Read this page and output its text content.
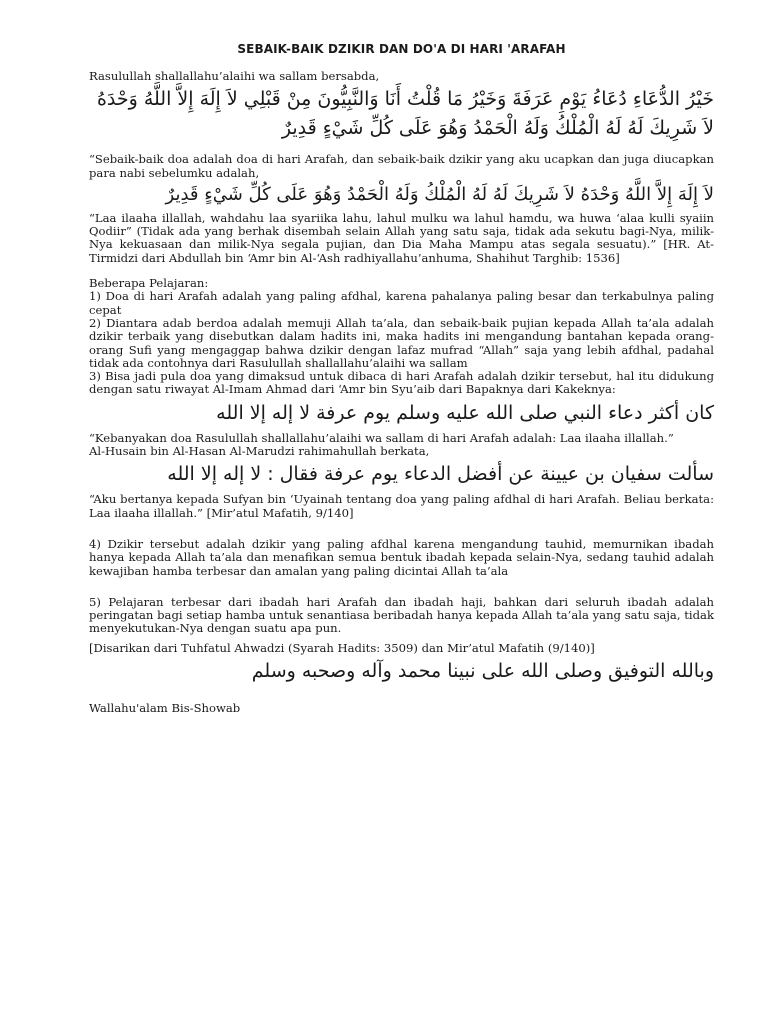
SEBAIK-BAIK DZIKIR DAN DO'A DI HARI 'ARAFAH

Rasulullah shallallahu’alaihi wa sallam bersabda,

خَيْرُ الدُّعَاءِ دُعَاءُ يَوْمِ عَرَفَةَ وَخَيْرُ مَا قُلْتُ أَنَا وَالنَّبِيُّونَ مِنْ قَبْلِي لاَ إِلَهَ إِلاَّ اللَّهُ وَحْدَهُ لاَ شَرِيكَ لَهُ لَهُ الْمُلْكُ وَلَهُ الْحَمْدُ وَهُوَ عَلَى كُلِّ شَيْءٍ قَدِيرٌ

“Sebaik-baik doa adalah doa di hari Arafah, dan sebaik-baik dzikir yang aku ucapkan dan juga diucapkan para nabi sebelumku adalah,

لاَ إِلَهَ إِلاَّ اللَّهُ وَحْدَهُ لاَ شَرِيكَ لَهُ لَهُ الْمُلْكُ وَلَهُ الْحَمْدُ وَهُوَ عَلَى كُلِّ شَيْءٍ قَدِيرٌ

“Laa ilaaha illallah, wahdahu laa syariika lahu, lahul mulku wa lahul hamdu, wa huwa ‘alaa kulli syaiin Qodiir” (Tidak ada yang berhak disembah selain Allah yang satu saja, tidak ada sekutu bagi-Nya, milik-Nya kekuasaan dan milik-Nya segala pujian, dan Dia Maha Mampu atas segala sesuatu).” [HR. At-Tirmidzi dari Abdullah bin ‘Amr bin Al-‘Ash radhiyallahu’anhuma, Shahihut Targhib: 1536]

Beberapa Pelajaran:

1) Doa di hari Arafah adalah yang paling afdhal, karena pahalanya paling besar dan terkabulnya paling cepat

2) Diantara adab berdoa adalah memuji Allah ta’ala, dan sebaik-baik pujian kepada Allah ta’ala adalah dzikir terbaik yang disebutkan dalam hadits ini, maka hadits ini mengandung bantahan kepada orang-orang Sufi yang mengaggap bahwa dzikir dengan lafaz mufrad “Allah” saja yang lebih afdhal, padahal tidak ada contohnya dari Rasulullah shallallahu’alaihi wa sallam

3) Bisa jadi pula doa yang dimaksud untuk dibaca di hari Arafah adalah dzikir tersebut, hal itu didukung dengan satu riwayat Al-Imam Ahmad dari ‘Amr bin Syu’aib dari Bapaknya dari Kakeknya:

كان أكثر دعاء النبي صلى الله عليه وسلم يوم عرفة لا إله إلا الله

“Kebanyakan doa Rasulullah shallallahu’alaihi wa sallam di hari Arafah adalah: Laa ilaaha illallah.”

Al-Husain bin Al-Hasan Al-Marudzi rahimahullah berkata,

سألت سفيان بن عيينة عن أفضل الدعاء يوم عرفة فقال : لا إله إلا الله

“Aku bertanya kepada Sufyan bin ‘Uyainah tentang doa yang paling afdhal di hari Arafah. Beliau berkata: Laa ilaaha illallah.” [Mir’atul Mafatih, 9/140]

4) Dzikir tersebut adalah dzikir yang paling afdhal karena mengandung tauhid, memurnikan ibadah hanya kepada Allah ta’ala dan menafikan semua bentuk ibadah kepada selain-Nya, sedang tauhid adalah kewajiban hamba terbesar dan amalan yang paling dicintai Allah ta’ala

5) Pelajaran terbesar dari ibadah hari Arafah dan ibadah haji, bahkan dari seluruh ibadah adalah peringatan bagi setiap hamba untuk senantiasa beribadah hanya kepada Allah ta’ala yang satu saja, tidak menyekutukan-Nya dengan suatu apa pun.

[Disarikan dari Tuhfatul Ahwadzi (Syarah Hadits: 3509) dan Mir’atul Mafatih (9/140)]

وبالله التوفيق وصلى الله على نبينا محمد وآله وصحبه وسلم

Wallahu'alam Bis-Showab
